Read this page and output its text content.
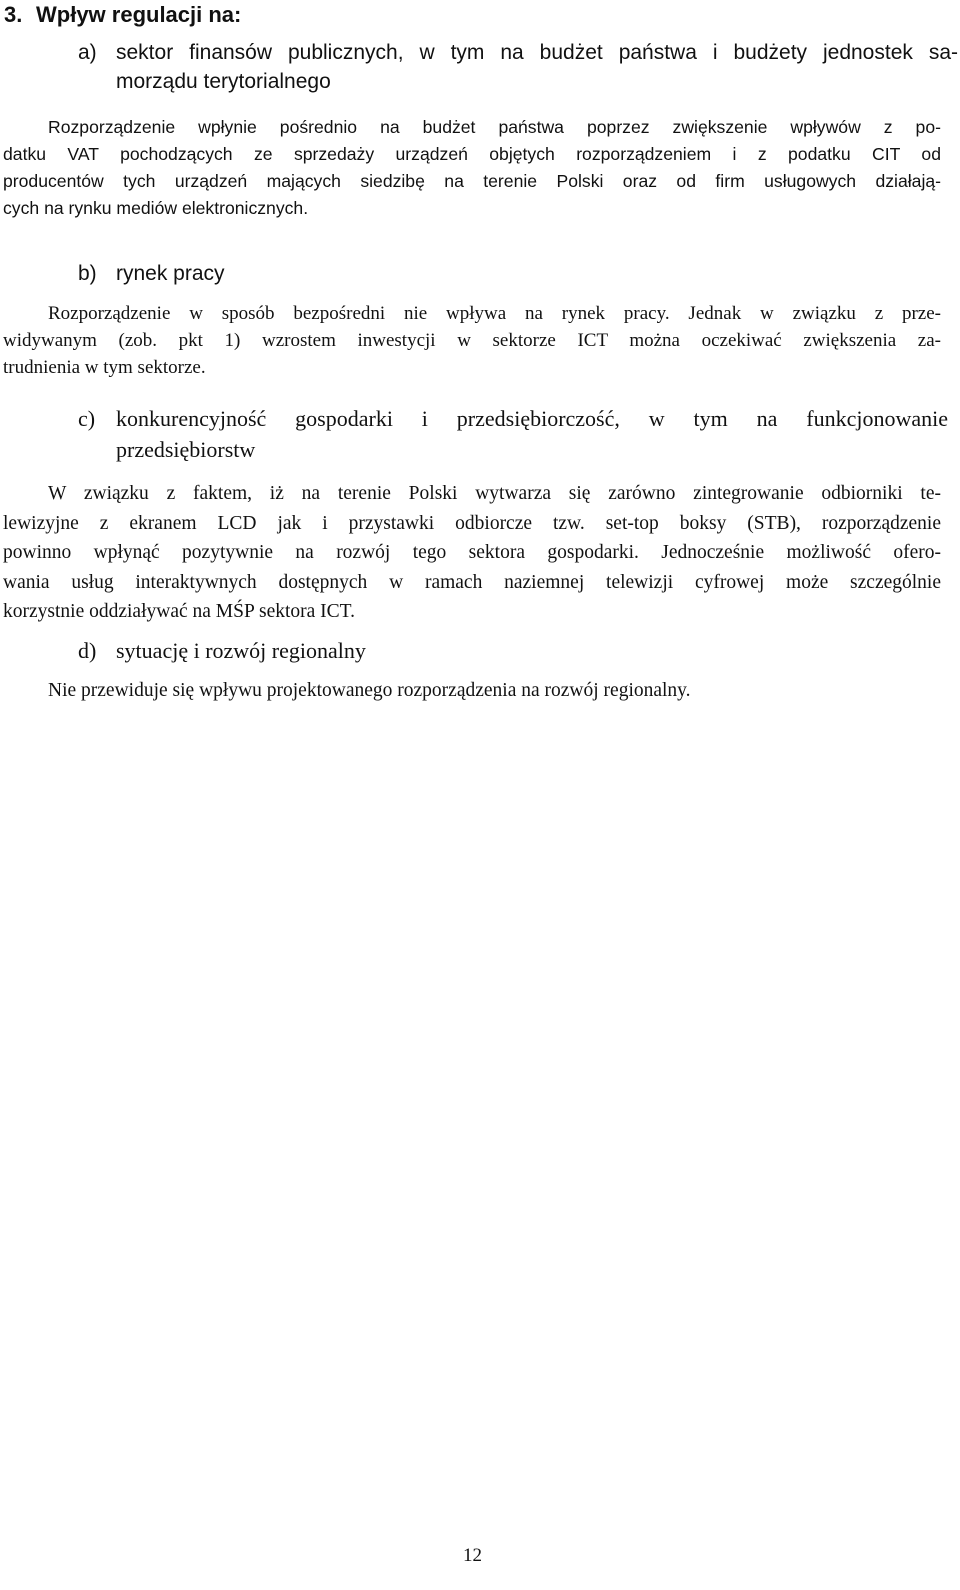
3. Wpływ regulacji na:
a) sektor finansów publicznych, w tym na budżet państwa i budżety jednostek sa-
morządu terytorialnego
Rozporządzenie wpłynie pośrednio na budżet państwa poprzez zwiększenie wpływów z po-
datku VAT pochodzących ze sprzedaży urządzeń objętych rozporządzeniem i z podatku CIT od
producentów tych urządzeń mających siedzibę na terenie Polski oraz od firm usługowych działają-
cych na rynku mediów elektronicznych.
b) rynek pracy
Rozporządzenie w sposób bezpośredni nie wpływa na rynek pracy. Jednak w związku z prze-
widywanym (zob. pkt 1) wzrostem inwestycji w sektorze ICT można oczekiwać zwiększenia za-
trudnienia w tym sektorze.
c) konkurencyjność gospodarki i przedsiębiorczość, w tym na funkcjonowanie
przedsiębiorstw
W związku z faktem, iż na terenie Polski wytwarza się zarówno zintegrowanie odbiorniki te-
lewizyjne z ekranem LCD jak i przystawki odbiorcze tzw. set-top boksy (STB), rozporządzenie
powinno wpłynąć pozytywnie na rozwój tego sektora gospodarki. Jednocześnie możliwość ofero-
wania usług interaktywnych dostępnych w ramach naziemnej telewizji cyfrowej może szczególnie
korzystnie oddziaływać na MŚP sektora ICT.
d) sytuację i rozwój regionalny

Nie przewiduje się wpływu projektowanego rozporządzenia na rozwój regionalny.

12
